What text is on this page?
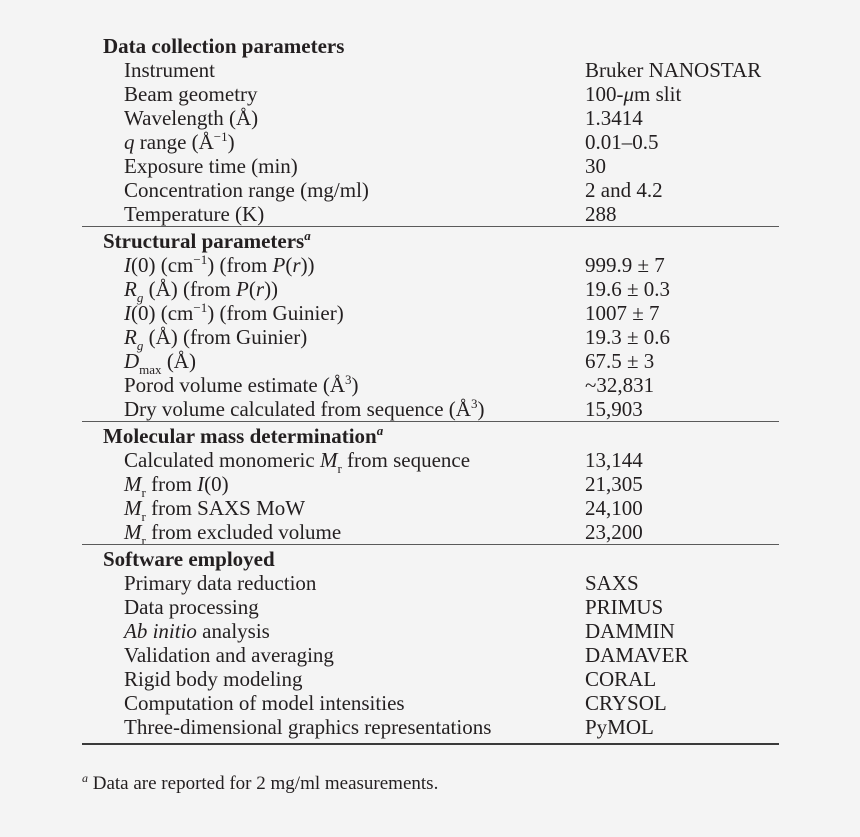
Data collection parameters
Instrument	Bruker NANOSTAR
Beam geometry	100-μm slit
Wavelength (Å)	1.3414
q range $(Å^{-1})$	0.01–0.5
Exposure time (min)	30
Concentration range (mg/ml)	2 and 4.2
Temperature (K)	288
Structural parameters$^a$
I(0) $(cm^{-1})$ (from P(r))	999.9 ± 7
$R_g$ (Å) (from P(r))	19.6 ± 0.3
I(0) $(cm^{-1})$ (from Guinier)	1007 ± 7
$R_g$ (Å) (from Guinier)	19.3 ± 0.6
$D_{max}$ (Å)	67.5 ± 3
Porod volume estimate $(Å^3)$	~32,831
Dry volume calculated from sequence $(Å^3)$	15,903
Molecular mass determination$^a$
Calculated monomeric $M_r$ from sequence	13,144
$M_r$ from I(0)	21,305
$M_r$ from SAXS MoW	24,100
$M_r$ from excluded volume	23,200
Software employed
Primary data reduction	SAXS
Data processing	PRIMUS
Ab initio analysis	DAMMIN
Validation and averaging	DAMAVER
Rigid body modeling	CORAL
Computation of model intensities	CRYSOL
Three-dimensional graphics representations	PyMOL
$^a$ Data are reported for 2 mg/ml measurements.
